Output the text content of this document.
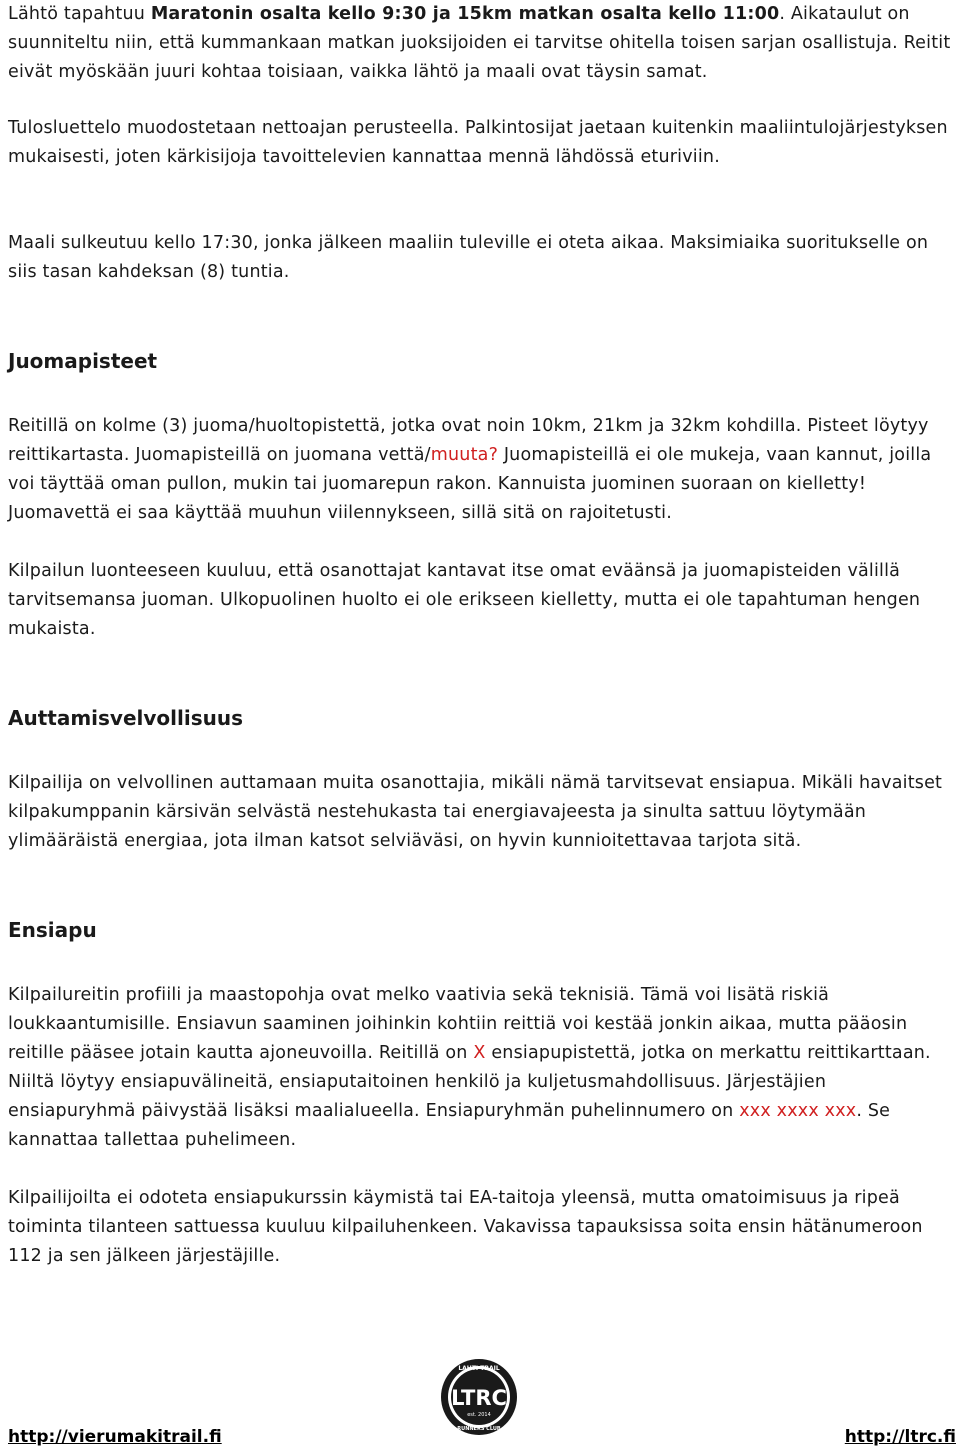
Lähtö tapahtuu Maratonin osalta kello 9:30 ja 15km matkan osalta kello 11:00. Aikataulut on suunniteltu niin, että kummankaan matkan juoksijoiden ei tarvitse ohitella toisen sarjan osallistuja. Reitit eivät myöskään juuri kohtaa toisiaan, vaikka lähtö ja maali ovat täysin samat.

Tulosluettelo muodostetaan nettoajan perusteella. Palkintosijat jaetaan kuitenkin maaliintulojärjestyksen mukaisesti, joten kärkisijoja tavoittelevien kannattaa mennä lähdössä eturiviin.

Maali sulkeutuu kello 17:30, jonka jälkeen maaliin tuleville ei oteta aikaa. Maksimiaika suoritukselle on siis tasan kahdeksan (8) tuntia.

Juomapisteet

Reitillä on kolme (3) juoma/huoltopistettä, jotka ovat noin 10km, 21km ja 32km kohdilla. Pisteet löytyy reittikartasta. Juomapisteillä on juomana vettä/muuta? Juomapisteillä ei ole mukeja, vaan kannut, joilla voi täyttää oman pullon, mukin tai juomarepun rakon. Kannuista juominen suoraan on kielletty! Juomavettä ei saa käyttää muuhun viilennykseen, sillä sitä on rajoitetusti.

Kilpailun luonteeseen kuuluu, että osanottajat kantavat itse omat eväänsä ja juomapisteiden välillä tarvitsemansa juoman. Ulkopuolinen huolto ei ole erikseen kielletty, mutta ei ole tapahtuman hengen mukaista.

Auttamisvelvollisuus

Kilpailija on velvollinen auttamaan muita osanottajia, mikäli nämä tarvitsevat ensiapua. Mikäli havaitset kilpakumppanin kärsivän selvästä nestehukasta tai energiavajeesta ja sinulta sattuu löytymään ylimääräistä energiaa, jota ilman katsot selviäväsi, on hyvin kunnioitettavaa tarjota sitä.

Ensiapu

Kilpailureitin profiili ja maastopohja ovat melko vaativia sekä teknisiä. Tämä voi lisätä riskiä loukkaantumisille. Ensiavun saaminen joihinkin kohtiin reittiä voi kestää jonkin aikaa, mutta pääosin reitille pääsee jotain kautta ajoneuvoilla. Reitillä on X ensiapupistettä, jotka on merkattu reittikarttaan. Niiltä löytyy ensiapuvälineitä, ensiaputaitoinen henkilö ja kuljetusmahdollisuus. Järjestäjien ensiapuryhmä päivystää lisäksi maalialueella. Ensiapuryhmän puhelinnumero on xxx xxxx xxx. Se kannattaa tallettaa puhelimeen.

Kilpailijoilta ei odoteta ensiapukurssin käymistä tai EA-taitoja yleensä, mutta omatoimisuus ja ripeä toiminta tilanteen sattuessa kuuluu kilpailuhenkeen. Vakavissa tapauksissa soita ensin hätänumeroon 112 ja sen jälkeen järjestäjille.

LAHTI TRAIL
RUNNERS CLUB
LTRC
est. 2014
http://vierumakitrail.fi	http://ltrc.fi
